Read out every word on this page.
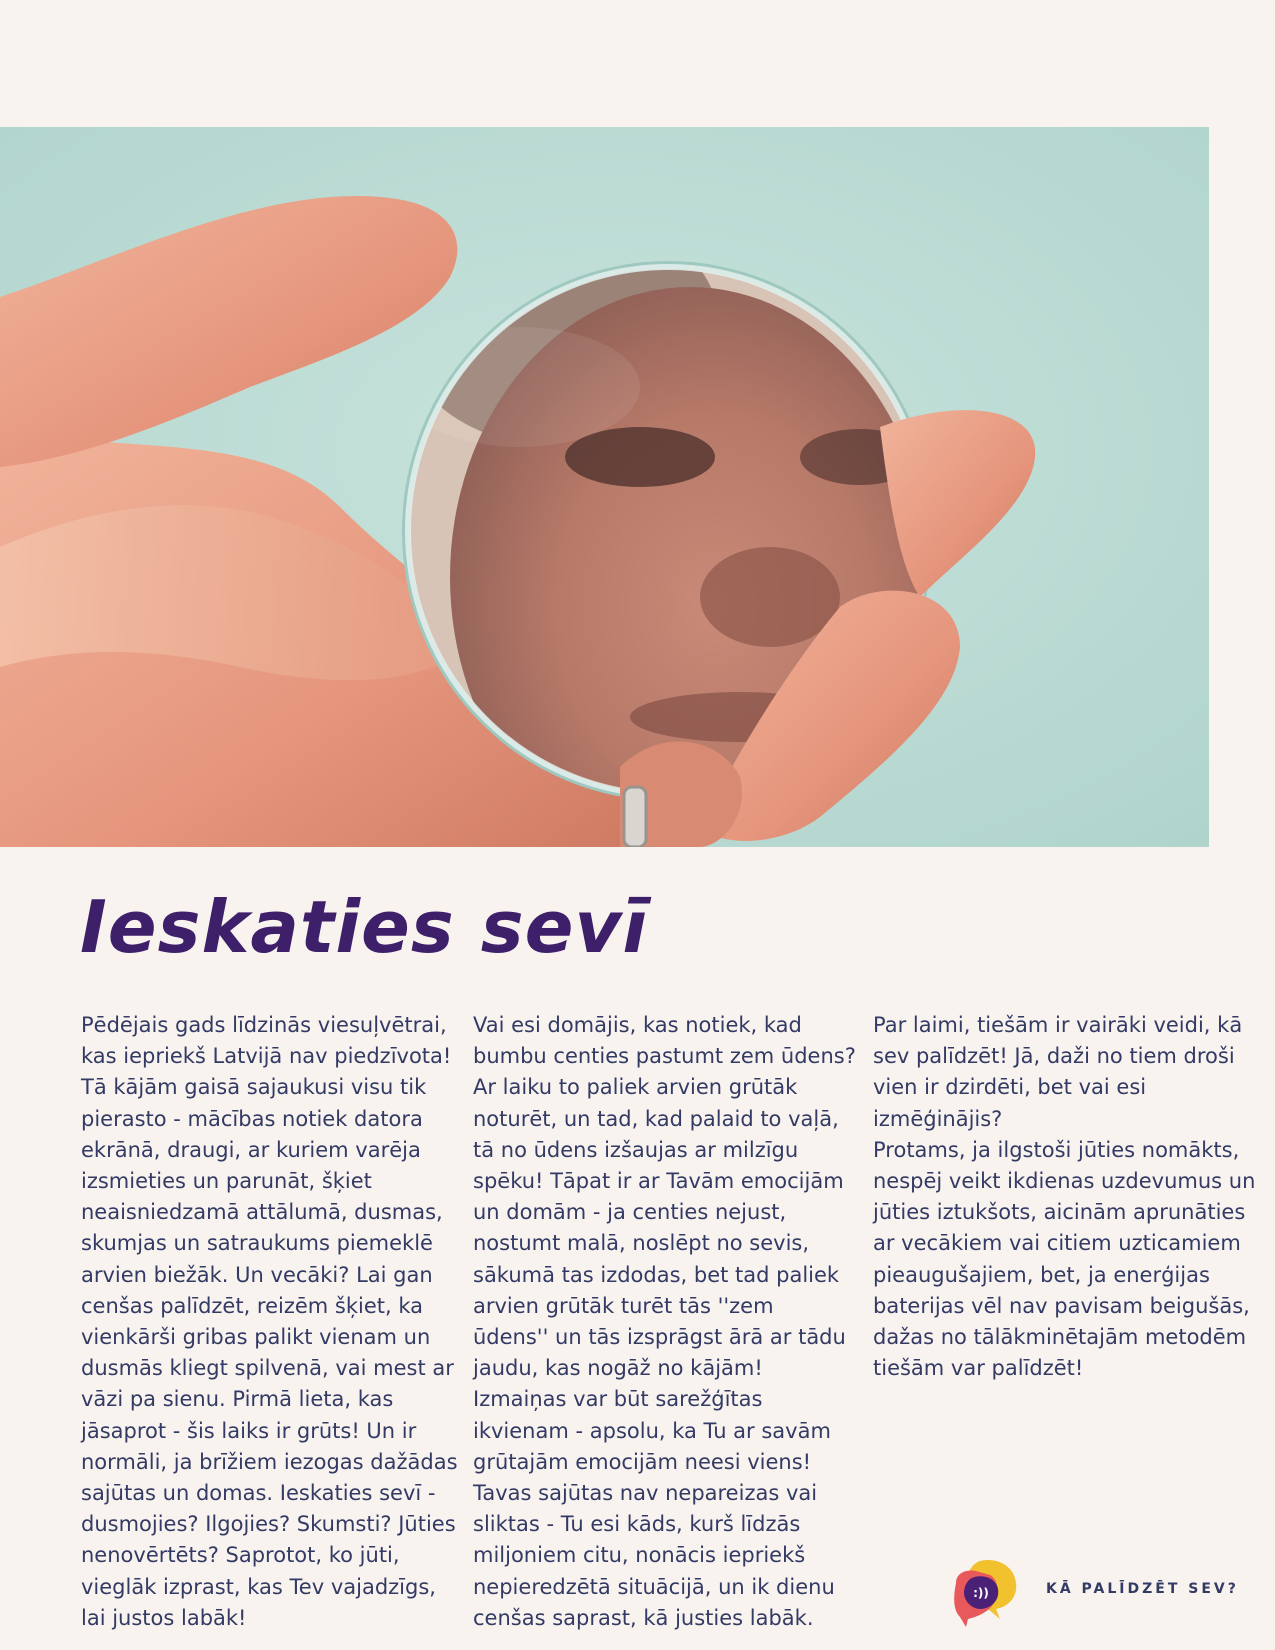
Ieskaties sevī
Pēdējais gads līdzinās viesuļvētrai,
kas iepriekš Latvijā nav piedzīvota!
Tā kājām gaisā sajaukusi visu tik
pierasto - mācības notiek datora
ekrānā, draugi, ar kuriem varēja
izsmieties un parunāt, šķiet
neaisniedzamā attālumā, dusmas,
skumjas un satraukums piemeklē
arvien biežāk. Un vecāki? Lai gan
cenšas palīdzēt, reizēm šķiet, ka
vienkārši gribas palikt vienam un
dusmās kliegt spilvenā, vai mest ar
vāzi pa sienu. Pirmā lieta, kas
jāsaprot - šis laiks ir grūts! Un ir
normāli, ja brīžiem iezogas dažādas
sajūtas un domas. Ieskaties sevī -
dusmojies? Ilgojies? Skumsti? Jūties
nenovērtēts? Saprotot, ko jūti,
vieglāk izprast, kas Tev vajadzīgs,
lai justos labāk!
Vai esi domājis, kas notiek, kad
bumbu centies pastumt zem ūdens?
Ar laiku to paliek arvien grūtāk
noturēt, un tad, kad palaid to vaļā,
tā no ūdens izšaujas ar milzīgu
spēku! Tāpat ir ar Tavām emocijām
un domām - ja centies nejust,
nostumt malā, noslēpt no sevis,
sākumā tas izdodas, bet tad paliek
arvien grūtāk turēt tās ''zem
ūdens'' un tās izsprāgst ārā ar tādu
jaudu, kas nogāž no kājām!
Izmaiņas var būt sarežģītas
ikvienam - apsolu, ka Tu ar savām
grūtajām emocijām neesi viens!
Tavas sajūtas nav nepareizas vai
sliktas - Tu esi kāds, kurš līdzās
miljoniem citu, nonācis iepriekš
nepieredzētā situācijā, un ik dienu
cenšas saprast, kā justies labāk.
Par laimi, tiešām ir vairāki veidi, kā
sev palīdzēt! Jā, daži no tiem droši
vien ir dzirdēti, bet vai esi
izmēģinājis?
Protams, ja ilgstoši jūties nomākts,
nespēj veikt ikdienas uzdevumus un
jūties iztukšots, aicinām aprunāties
ar vecākiem vai citiem uzticamiem
pieaugušajiem, bet, ja enerģijas
baterijas vēl nav pavisam beigušās,
dažas no tālākminētajām metodēm
tiešām var palīdzēt!
:))	KĀ PALĪDZĒT SEV?
